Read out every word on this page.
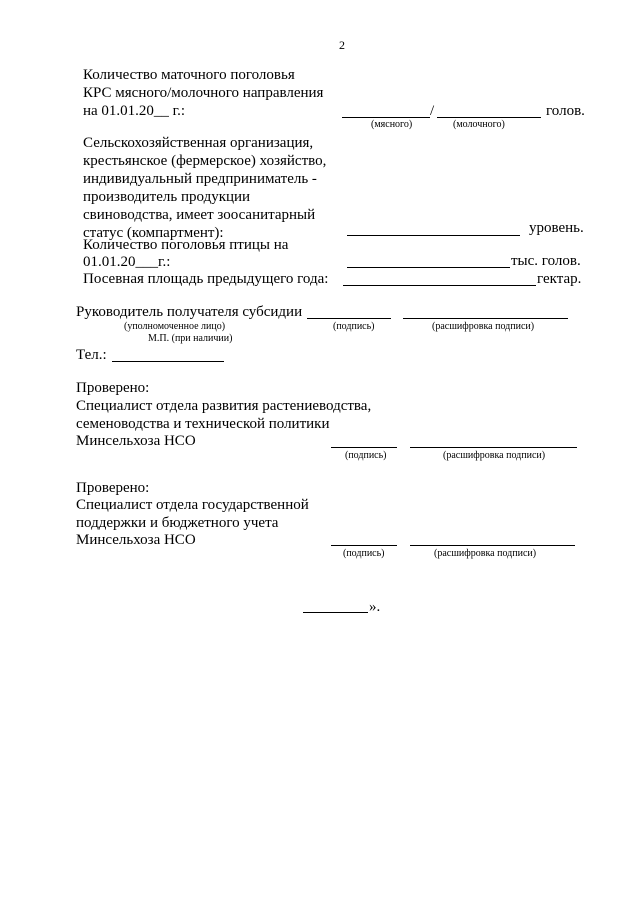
2
Количество маточного поголовья
КРС мясного/молочного направления
на 01.01.20__ г.:	/	голов.
(мясного)	(молочного)
Сельскохозяйственная организация,
крестьянское (фермерское) хозяйство,
индивидуальный предприниматель -
производитель продукции
свиноводства, имеет зоосанитарный
статус (компартмент):	уровень.
Количество поголовья птицы на
01.01.20___г.:	тыс. голов.
Посевная площадь предыдущего года:	гектар.
Руководитель получателя субсидии
(уполномоченное лицо)	(подпись)	(расшифровка подписи)
М.П. (при наличии)
Тел.:
Проверено:
Специалист отдела развития растениеводства,
семеноводства и технической политики
Минсельхоза НСО
(подпись)	(расшифровка подписи)
Проверено:
Специалист отдела государственной
поддержки и бюджетного учета
Минсельхоза НСО
(подпись)	(расшифровка подписи)
».
